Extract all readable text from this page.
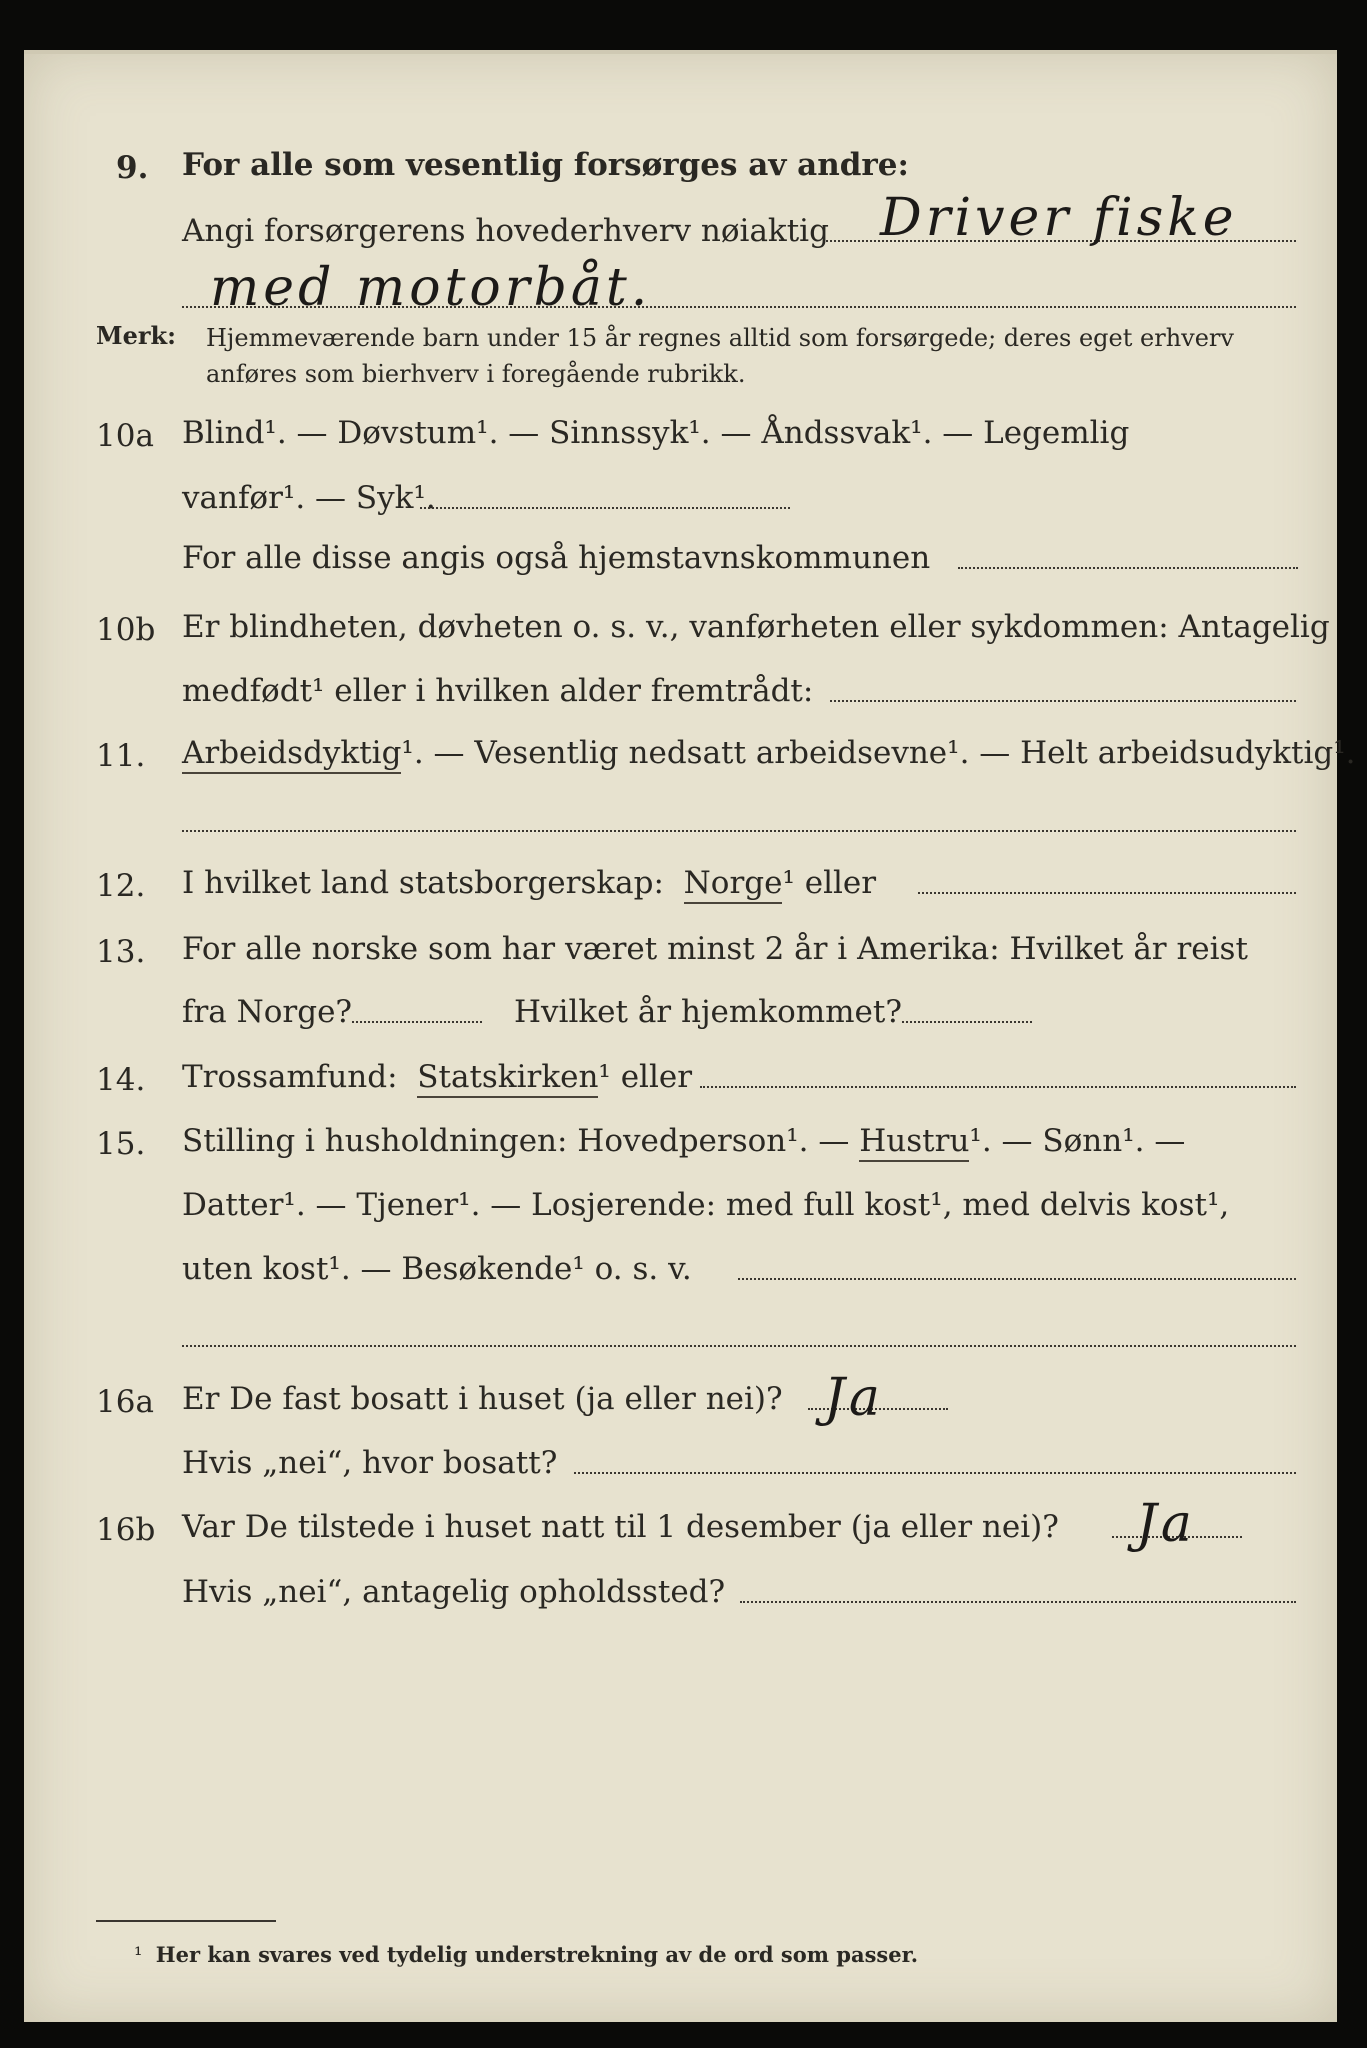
9. For alle som vesentlig forsørges av andre:
Angi forsørgerens hovederhverv nøiaktig Driver fiske
med motorbåt.
Merk: Hjemmeværende barn under 15 år regnes alltid som forsørgede; deres eget erhverv
anføres som bierhverv i foregående rubrikk.
10a Blind¹. — Døvstum¹. — Sinnssyk¹. — Åndssvak¹. — Legemlig
vanfør¹. — Syk¹.
For alle disse angis også hjemstavnskommunen
10b Er blindheten, døvheten o. s. v., vanførheten eller sykdommen: Antagelig
medfødt¹ eller i hvilken alder fremtrådt:
11. Arbeidsdyktig¹. — Vesentlig nedsatt arbeidsevne¹. — Helt arbeidsudyktig¹.
12. I hvilket land statsborgerskap: Norge¹ eller
13. For alle norske som har været minst 2 år i Amerika: Hvilket år reist
fra Norge?	Hvilket år hjemkommet?
14. Trossamfund: Statskirken¹ eller
15. Stilling i husholdningen: Hovedperson¹. — Hustru¹. — Sønn¹. —
Datter¹. — Tjener¹. — Losjerende: med full kost¹, med delvis kost¹,
uten kost¹. — Besøkende¹ o. s. v.
16a Er De fast bosatt i huset (ja eller nei)? Ja
Hvis „nei“, hvor bosatt?
16b Var De tilstede i huset natt til 1 desember (ja eller nei)? Ja
Hvis „nei“, antagelig opholdssted?
¹ Her kan svares ved tydelig understrekning av de ord som passer.
